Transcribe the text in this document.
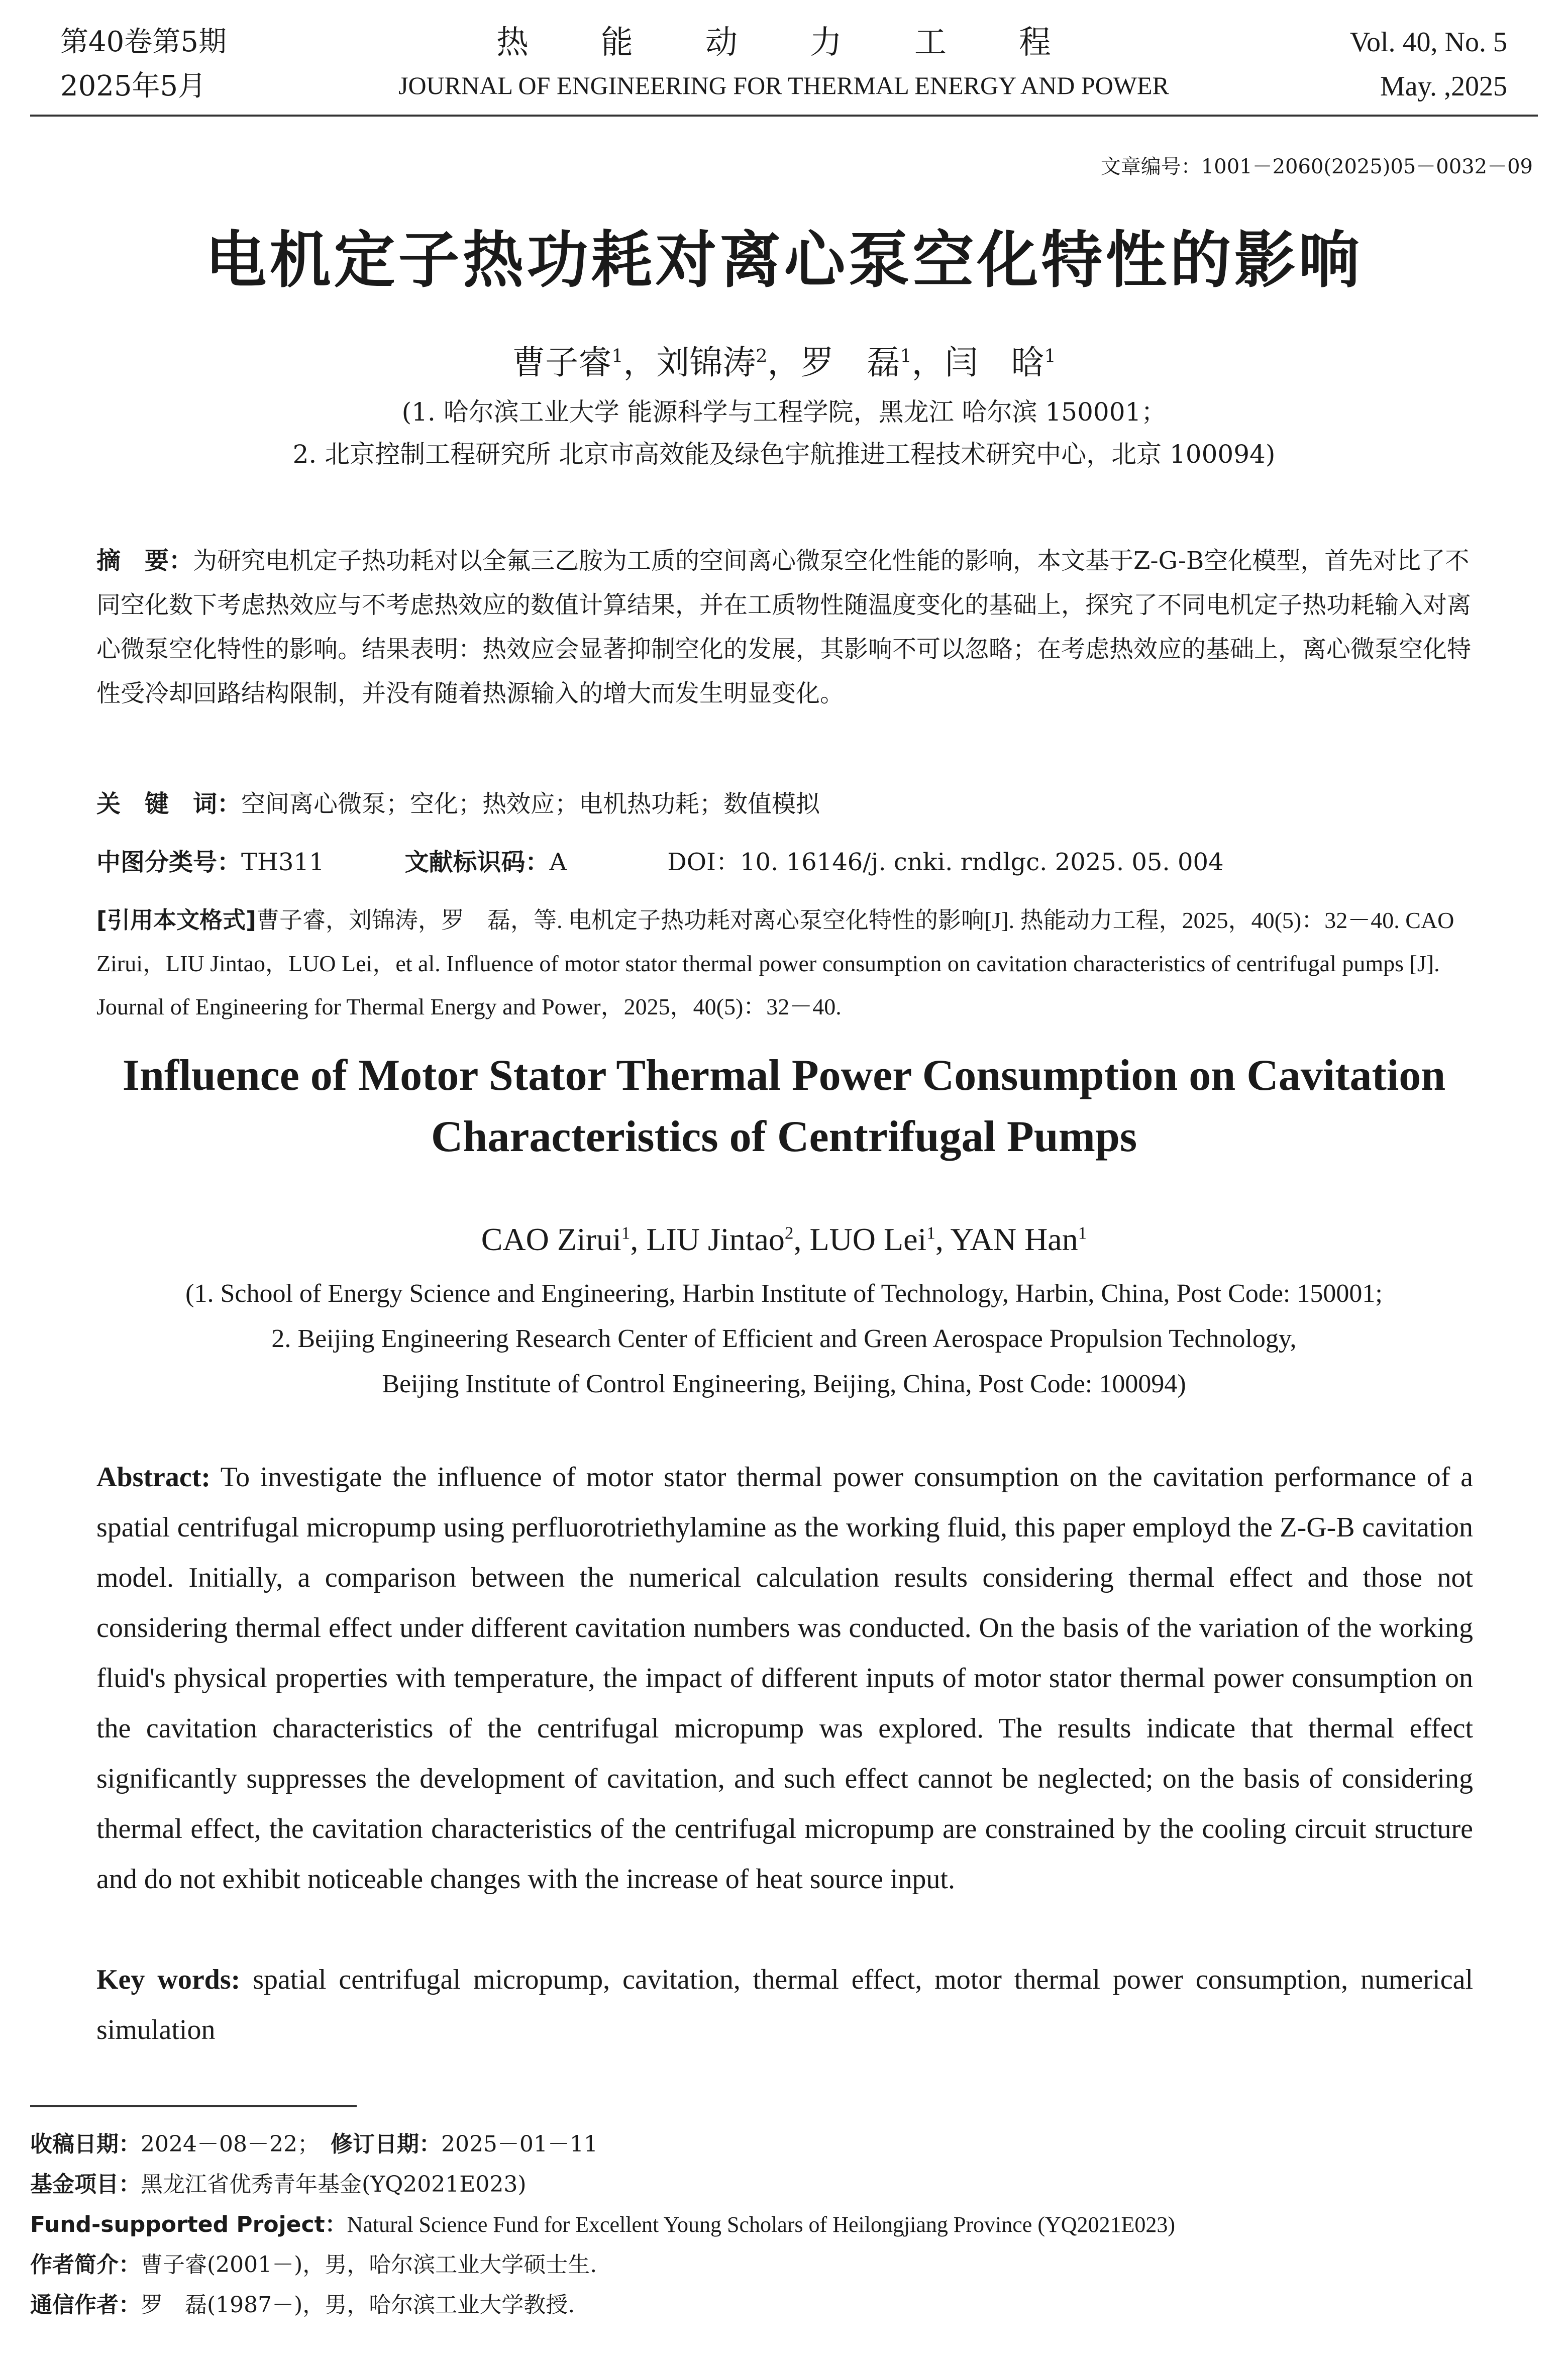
第40卷第5期
2025年5月
热　能　动　力　工　程
JOURNAL OF ENGINEERING FOR THERMAL ENERGY AND POWER
Vol. 40, No. 5
May. ,2025
文章编号：1001－2060(2025)05－0032－09
电机定子热功耗对离心泵空化特性的影响
曹子睿$^1$，刘锦涛$^2$，罗　磊$^1$，闫　晗$^1$
(1. 哈尔滨工业大学 能源科学与工程学院，黑龙江 哈尔滨 150001；
2. 北京控制工程研究所 北京市高效能及绿色宇航推进工程技术研究中心，北京 100094)
摘　要：为研究电机定子热功耗对以全氟三乙胺为工质的空间离心微泵空化性能的影响，本文基于Z-G-B空化模型，首先对比了不同空化数下考虑热效应与不考虑热效应的数值计算结果，并在工质物性随温度变化的基础上，探究了不同电机定子热功耗输入对离心微泵空化特性的影响。结果表明：热效应会显著抑制空化的发展，其影响不可以忽略；在考虑热效应的基础上，离心微泵空化特性受冷却回路结构限制，并没有随着热源输入的增大而发生明显变化。
关　键　词：空间离心微泵；空化；热效应；电机热功耗；数值模拟
中图分类号：TH311	文献标识码：A	DOI：10. 16146/j. cnki. rndlgc. 2025. 05. 004
[引用本文格式]曹子睿，刘锦涛，罗　磊，等. 电机定子热功耗对离心泵空化特性的影响[J]. 热能动力工程，2025，40(5)：32－40. CAO Zirui，LIU Jintao，LUO Lei，et al. Influence of motor stator thermal power consumption on cavitation characteristics of centrifugal pumps [J]. Journal of Engineering for Thermal Energy and Power，2025，40(5)：32－40.
Influence of Motor Stator Thermal Power Consumption on Cavitation
Characteristics of Centrifugal Pumps
CAO Zirui$^1$, LIU Jintao$^2$, LUO Lei$^1$, YAN Han$^1$
(1. School of Energy Science and Engineering, Harbin Institute of Technology, Harbin, China, Post Code: 150001;
2. Beijing Engineering Research Center of Efficient and Green Aerospace Propulsion Technology,
Beijing Institute of Control Engineering, Beijing, China, Post Code: 100094)
Abstract: To investigate the influence of motor stator thermal power consumption on the cavitation performance of a spatial centrifugal micropump using perfluorotriethylamine as the working fluid, this paper employd the Z-G-B cavitation model. Initially, a comparison between the numerical calculation results considering thermal effect and those not considering thermal effect under different cavitation numbers was conducted. On the basis of the variation of the working fluid's physical properties with temperature, the impact of different inputs of motor stator thermal power consumption on the cavitation characteristics of the centrifugal micropump was explored. The results indicate that thermal effect significantly suppresses the development of cavitation, and such effect cannot be neglected; on the basis of considering thermal effect, the cavitation characteristics of the centrifugal micropump are constrained by the cooling circuit structure and do not exhibit noticeable changes with the increase of heat source input.
Key words: spatial centrifugal micropump, cavitation, thermal effect, motor thermal power consumption, numerical simulation
收稿日期：2024－08－22；　修订日期：2025－01－11
基金项目：黑龙江省优秀青年基金(YQ2021E023)
Fund-supported Project：Natural Science Fund for Excellent Young Scholars of Heilongjiang Province (YQ2021E023)
作者简介：曹子睿(2001－)，男，哈尔滨工业大学硕士生.
通信作者：罗　磊(1987－)，男，哈尔滨工业大学教授.
